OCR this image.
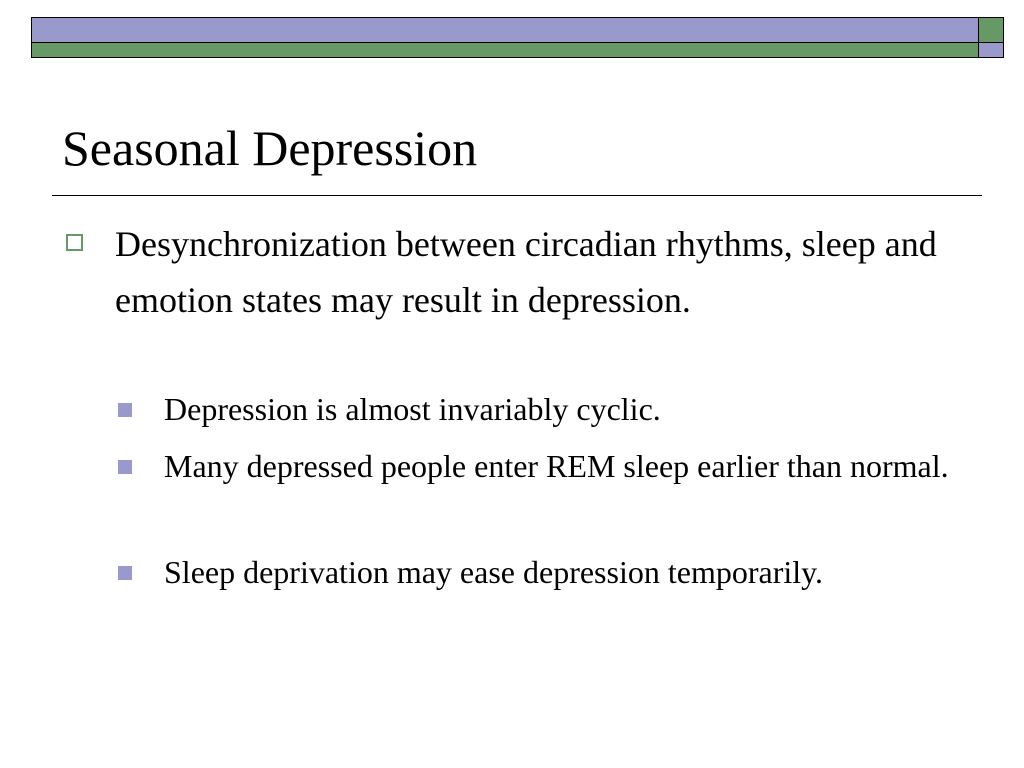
Seasonal Depression
Desynchronization between circadian rhythms, sleep and emotion states may result in depression.
Depression is almost invariably cyclic.
Many depressed people enter REM sleep earlier than normal.
Sleep deprivation may ease depression temporarily.
